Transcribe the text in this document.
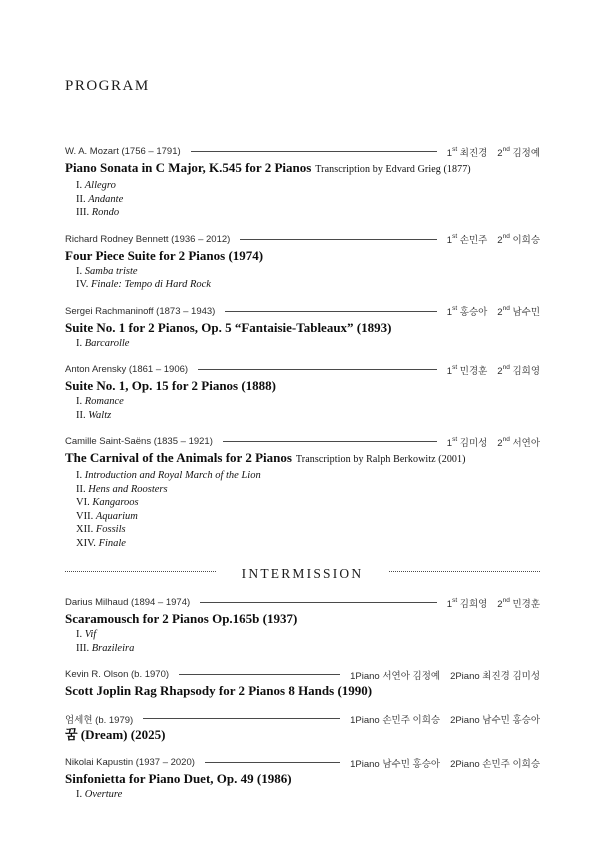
PROGRAM
W. A. Mozart (1756 – 1791)	1st 최진경 2nd 김정예
Piano Sonata in C Major, K.545 for 2 Pianos Transcription by Edvard Grieg (1877)
I. Allegro
II. Andante
III. Rondo
Richard Rodney Bennett (1936 – 2012)	1st 손민주 2nd 이희승
Four Piece Suite for 2 Pianos (1974)
I. Samba triste
IV. Finale: Tempo di Hard Rock
Sergei Rachmaninoff (1873 – 1943)	1st 홍승아 2nd 남수민
Suite No. 1 for 2 Pianos, Op. 5 “Fantaisie-Tableaux” (1893)
I. Barcarolle
Anton Arensky (1861 – 1906)	1st 민경훈 2nd 김희영
Suite No. 1, Op. 15 for 2 Pianos (1888)
I. Romance
II. Waltz
Camille Saint-Saëns (1835 – 1921)	1st 김미성 2nd 서연아
The Carnival of the Animals for 2 Pianos Transcription by Ralph Berkowitz (2001)
I. Introduction and Royal March of the Lion
II. Hens and Roosters
VI. Kangaroos
VII. Aquarium
XII. Fossils
XIV. Finale
INTERMISSION
Darius Milhaud (1894 – 1974)	1st 김희영 2nd 민경훈
Scaramousch for 2 Pianos Op.165b (1937)
I. Vif
III. Brazileira
Kevin R. Olson (b. 1970)	1Piano 서연아 김정예 2Piano 최진경 김미성
Scott Joplin Rag Rhapsody for 2 Pianos 8 Hands (1990)
엄세현 (b. 1979)	1Piano 손민주 이희승 2Piano 남수민 홍승아
꿈 (Dream) (2025)
Nikolai Kapustin (1937 – 2020)	1Piano 남수민 홍승아 2Piano 손민주 이희승
Sinfonietta for Piano Duet, Op. 49 (1986)
I. Overture
